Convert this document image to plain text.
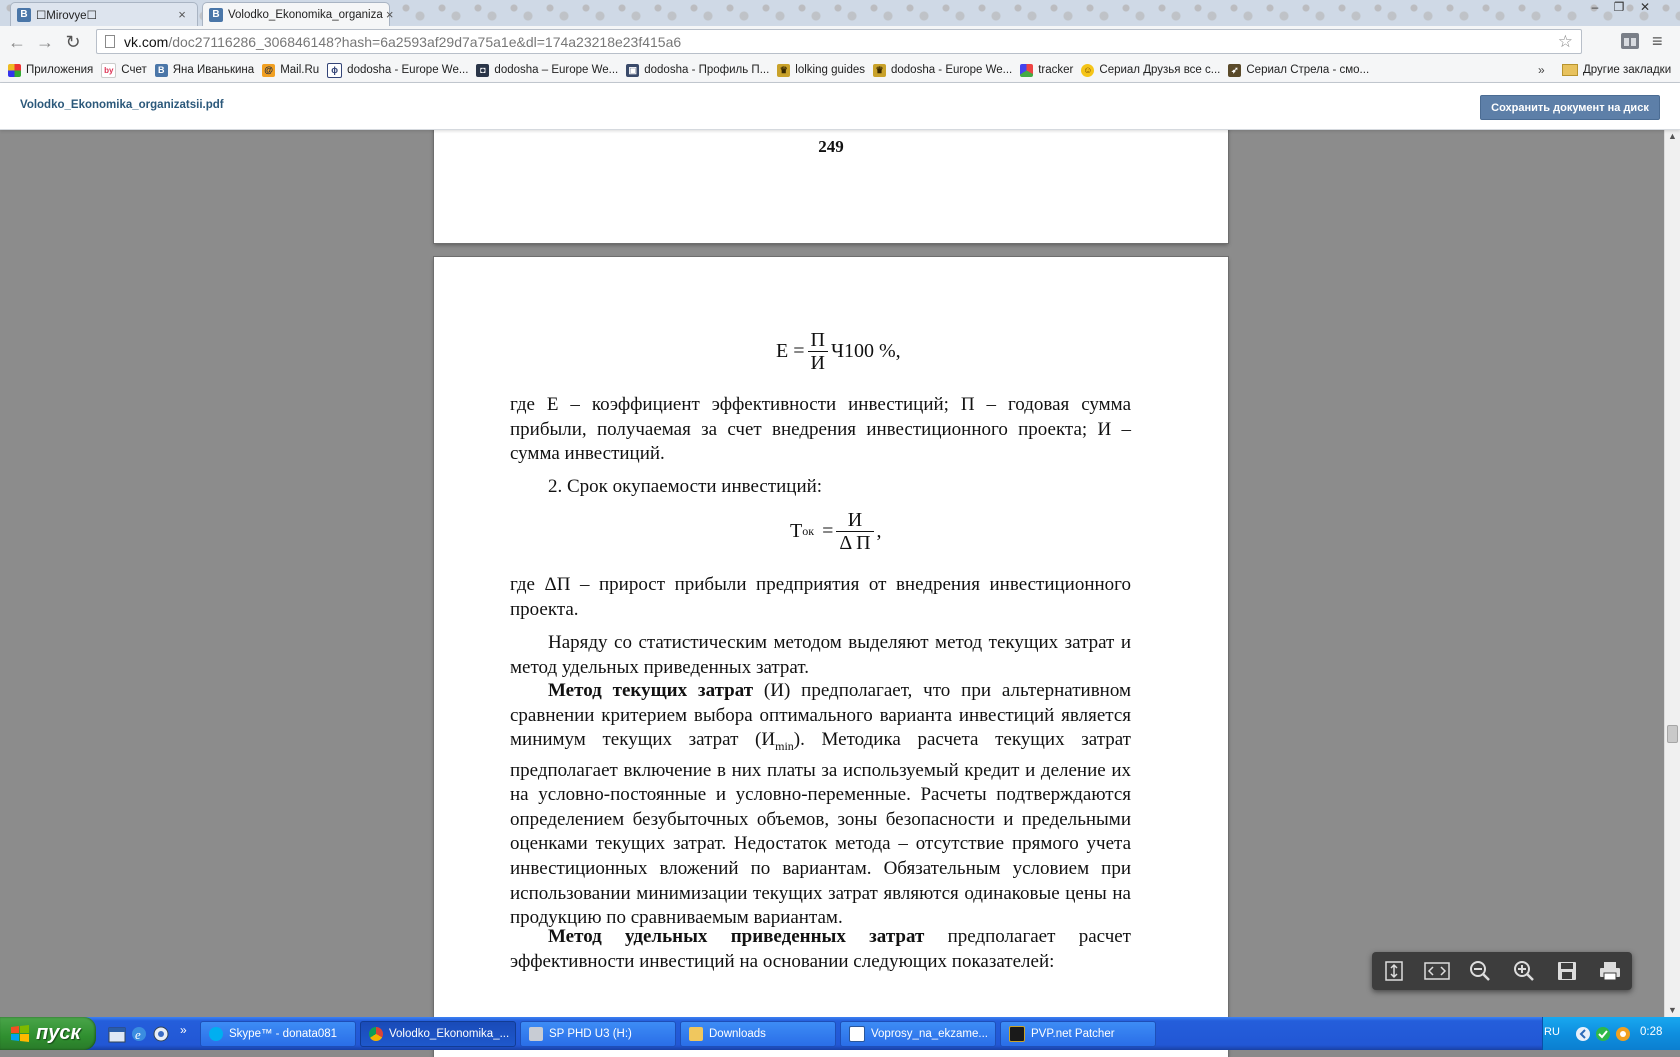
B ☐Mirovye☐	×	B Volodko_Ekonomika_organiza ×	–	❐	✕
← → ↻	vk.com /doc27116286_306846148?hash=6a2593af29d7a75a1e&dl=174a23218e23f415a6	☆	≡
Приложения	by Счет	B Яна Иванькина @ Mail.Ru	ϕ dodosha - Europe We...	◘ dodosha – Europe We... ▣ dodosha - Профиль П... ♛ lolking guides ♛ dodosha - Europe We... tracker ☺ Сериал Друзья все с...	➶ Сериал Стрела - смо...	»	Другие закладки
Volodko_Ekonomika_organizatsii.pdf	Сохранить документ на диск
249
$Е = \frac{П}{И} Ч100$ %,
где Е – коэффициент эффективности инвестиций; П – годовая сумма прибыли, получаемая за счет внедрения инвестиционного проекта; И – сумма инвестиций.
2. Срок окупаемости инвестиций:
Т ок = $\frac{И}{\text{Δ П}}$ ,
где ΔП – прирост прибыли предприятия от внедрения инвестиционного проекта.
Наряду со статистическим методом выделяют метод текущих затрат и метод удельных приведенных затрат.
Метод текущих затрат (И) предполагает, что при альтернативном сравнении критерием выбора оптимального варианта инвестиций является минимум текущих затрат $(И_{min})$. Методика расчета текущих затрат предполагает включение в них платы за используемый кредит и деление их на условно-постоянные и условно-переменные. Расчеты подтверждаются определением безубыточных объемов, зоны безопасности и предельными оценками текущих затрат. Недостаток метода – отсутствие прямого учета инвестиционных вложений по вариантам. Обязательным условием при использовании минимизации текущих затрат являются одинаковые цены на продукцию по сравниваемым вариантам.
Метод удельных приведенных затрат предполагает расчет эффективности инвестиций на основании следующих показателей:
▲
▼
пуск	e	»	Skype™ - donata081	Volodko_Ekonomika_...	SP PHD U3 (H:)	Downloads	Voprosy_na_ekzame...	PVP.net Patcher	RU	0:28
